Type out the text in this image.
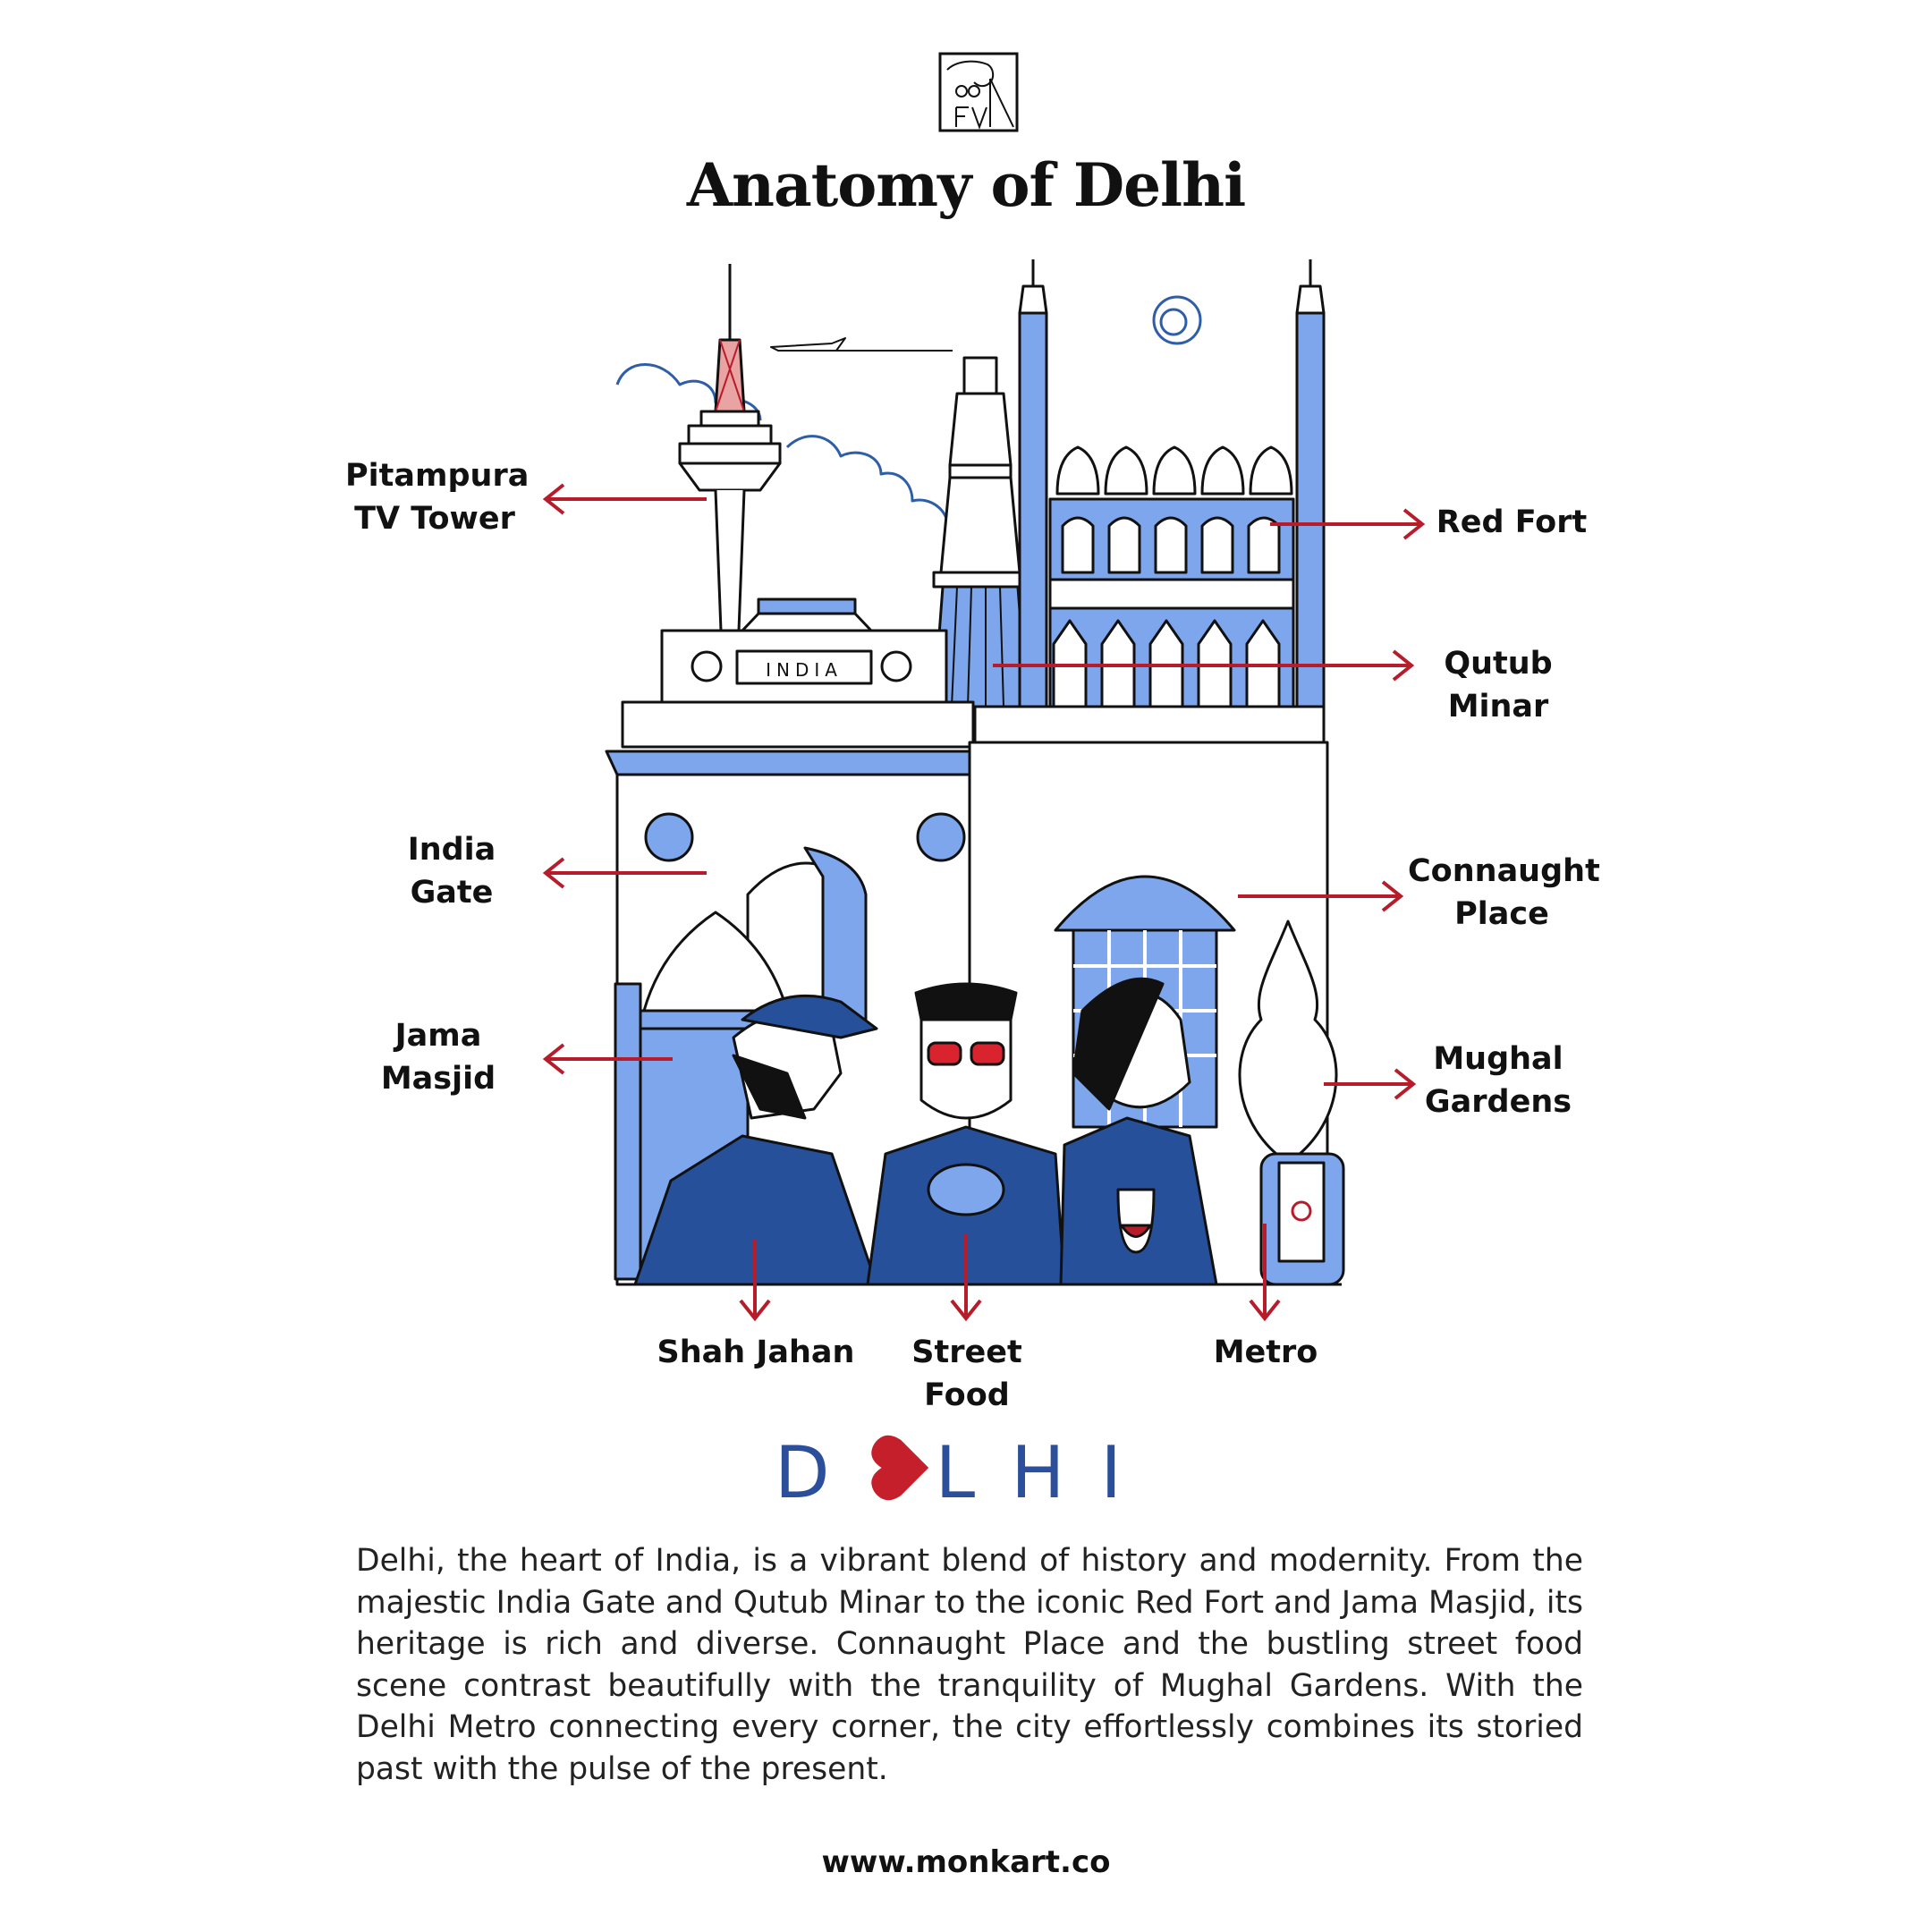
Anatomy of Delhi
INDIA
Pitampura
TV Tower	Red Fort
Qutub
Minar
India
Gate
Connaught
Place
Jama
Masjid
Mughal
Gardens
Shah Jahan	Street Food
Metro
D LHI
Delhi, the heart of India, is a vibrant blend of history and modernity. From the majestic India Gate and Qutub Minar to the iconic Red Fort and Jama Masjid, its heritage is rich and diverse. Connaught Place and the bustling street food scene contrast beautifully with the tranquility of Mughal Gardens. With the Delhi Metro connecting every corner, the city effortlessly combines its storied past with the pulse of the present.
www.monkart.co
